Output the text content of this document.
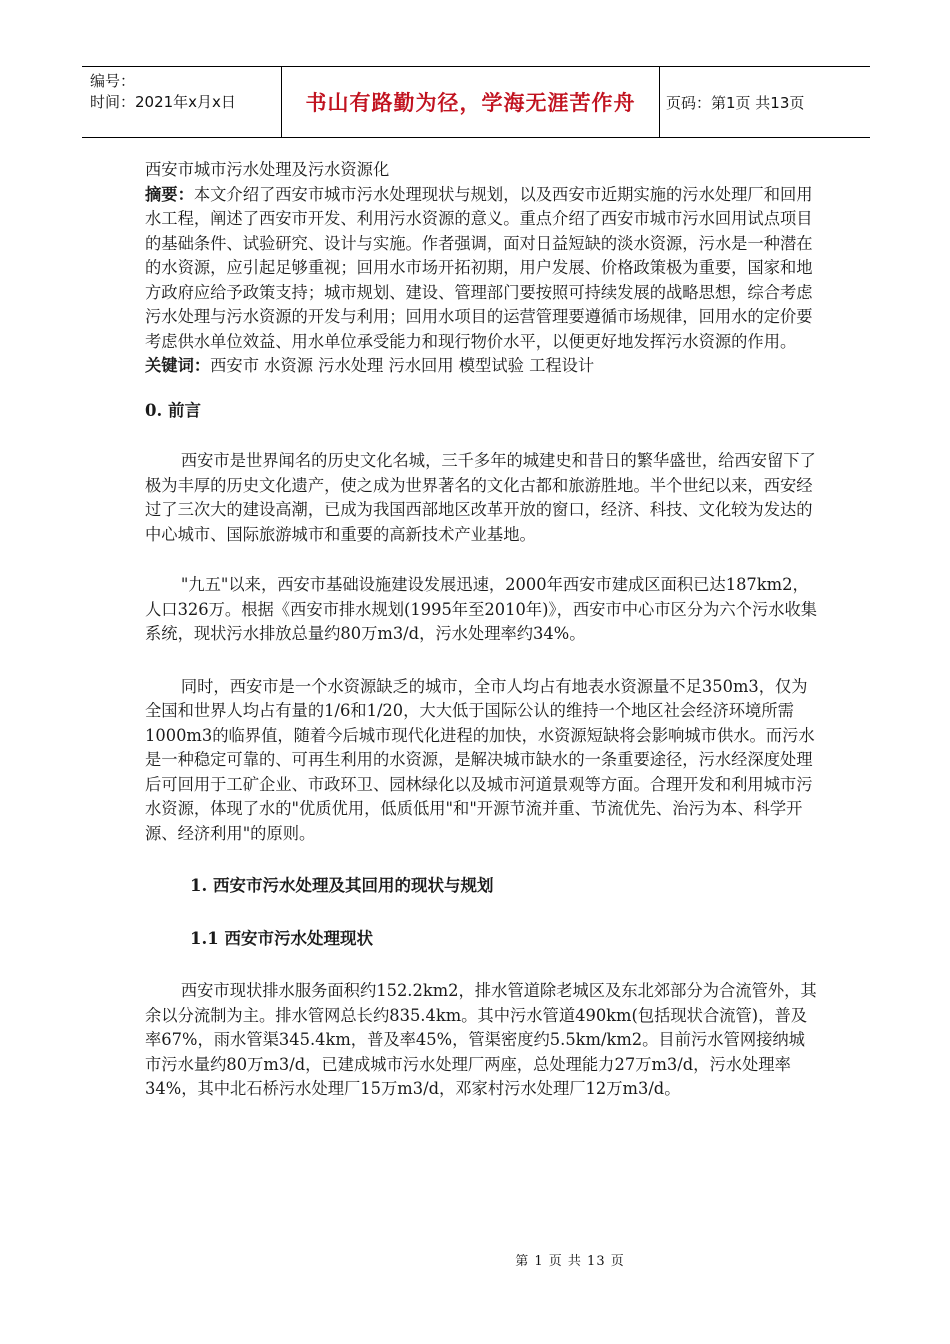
编号：
时间：2021年x月x日	书山有路勤为径，学海无涯苦作舟	页码：第1页 共13页

西安市城市污水处理及污水资源化

摘要：本文介绍了西安市城市污水处理现状与规划，以及西安市近期实施的污水处理厂和回用水工程，阐述了西安市开发、利用污水资源的意义。重点介绍了西安市城市污水回用试点项目的基础条件、试验研究、设计与实施。作者强调，面对日益短缺的淡水资源，污水是一种潜在的水资源，应引起足够重视；回用水市场开拓初期，用户发展、价格政策极为重要，国家和地方政府应给予政策支持；城市规划、建设、管理部门要按照可持续发展的战略思想，综合考虑污水处理与污水资源的开发与利用；回用水项目的运营管理要遵循市场规律，回用水的定价要考虑供水单位效益、用水单位承受能力和现行物价水平，以便更好地发挥污水资源的作用。

关键词：西安市 水资源 污水处理 污水回用 模型试验 工程设计

0. 前言

西安市是世界闻名的历史文化名城，三千多年的城建史和昔日的繁华盛世，给西安留下了极为丰厚的历史文化遗产，使之成为世界著名的文化古都和旅游胜地。半个世纪以来，西安经过了三次大的建设高潮，已成为我国西部地区改革开放的窗口，经济、科技、文化较为发达的中心城市、国际旅游城市和重要的高新技术产业基地。

"九五"以来，西安市基础设施建设发展迅速，2000年西安市建成区面积已达187km2，人口326万。根据《西安市排水规划(1995年至2010年)》，西安市中心市区分为六个污水收集系统，现状污水排放总量约80万m3/d，污水处理率约34%。

同时，西安市是一个水资源缺乏的城市，全市人均占有地表水资源量不足350m3，仅为全国和世界人均占有量的1/6和1/20，大大低于国际公认的维持一个地区社会经济环境所需1000m3的临界值，随着今后城市现代化进程的加快，水资源短缺将会影响城市供水。而污水是一种稳定可靠的、可再生利用的水资源，是解决城市缺水的一条重要途径，污水经深度处理后可回用于工矿企业、市政环卫、园林绿化以及城市河道景观等方面。合理开发和利用城市污水资源，体现了水的"优质优用，低质低用"和"开源节流并重、节流优先、治污为本、科学开源、经济利用"的原则。

1. 西安市污水处理及其回用的现状与规划

1.1 西安市污水处理现状

西安市现状排水服务面积约152.2km2，排水管道除老城区及东北郊部分为合流管外，其余以分流制为主。排水管网总长约835.4km。其中污水管道490km(包括现状合流管)，普及率67%，雨水管渠345.4km，普及率45%，管渠密度约5.5km/km2。目前污水管网接纳城市污水量约80万m3/d，已建成城市污水处理厂两座，总处理能力27万m3/d，污水处理率34%，其中北石桥污水处理厂15万m3/d，邓家村污水处理厂12万m3/d。

第 1 页 共 13 页
